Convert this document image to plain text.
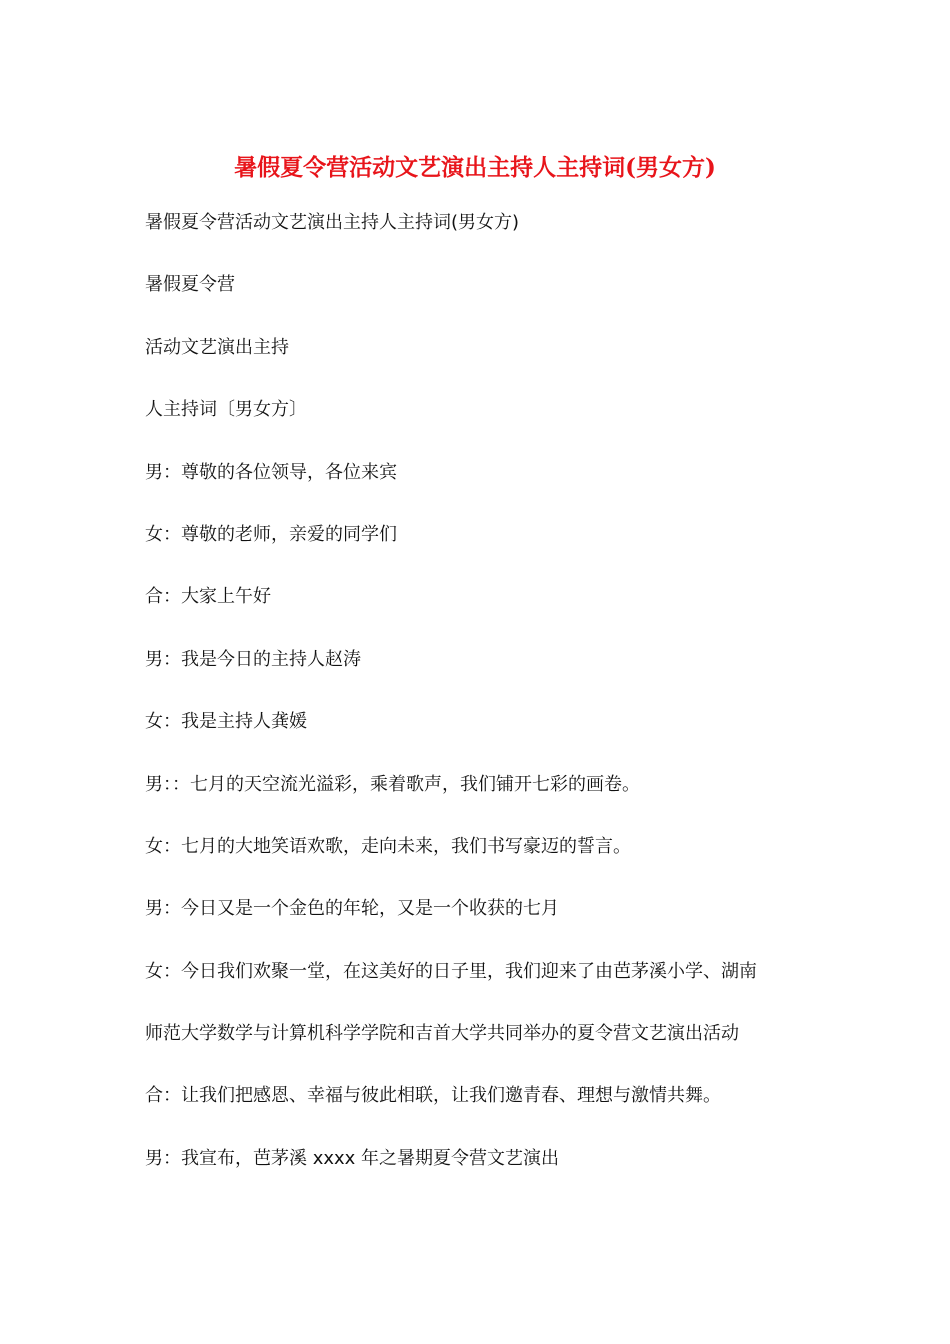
暑假夏令营活动文艺演出主持人主持词(男女方)
暑假夏令营活动文艺演出主持人主持词(男女方)
暑假夏令营
活动文艺演出主持
人主持词〔男女方〕
男：尊敬的各位领导，各位来宾
女：尊敬的老师，亲爱的同学们
合：大家上午好
男：我是今日的主持人赵涛
女：我是主持人龚媛
男：：七月的天空流光溢彩，乘着歌声，我们铺开七彩的画卷。
女：七月的大地笑语欢歌，走向未来，我们书写豪迈的誓言。
男：今日又是一个金色的年轮，又是一个收获的七月
女：今日我们欢聚一堂，在这美好的日子里，我们迎来了由芭茅溪小学、湖南
师范大学数学与计算机科学学院和吉首大学共同举办的夏令营文艺演出活动
合：让我们把感恩、幸福与彼此相联，让我们邀青春、理想与激情共舞。
男：我宣布，芭茅溪 xxxx 年之暑期夏令营文艺演出
